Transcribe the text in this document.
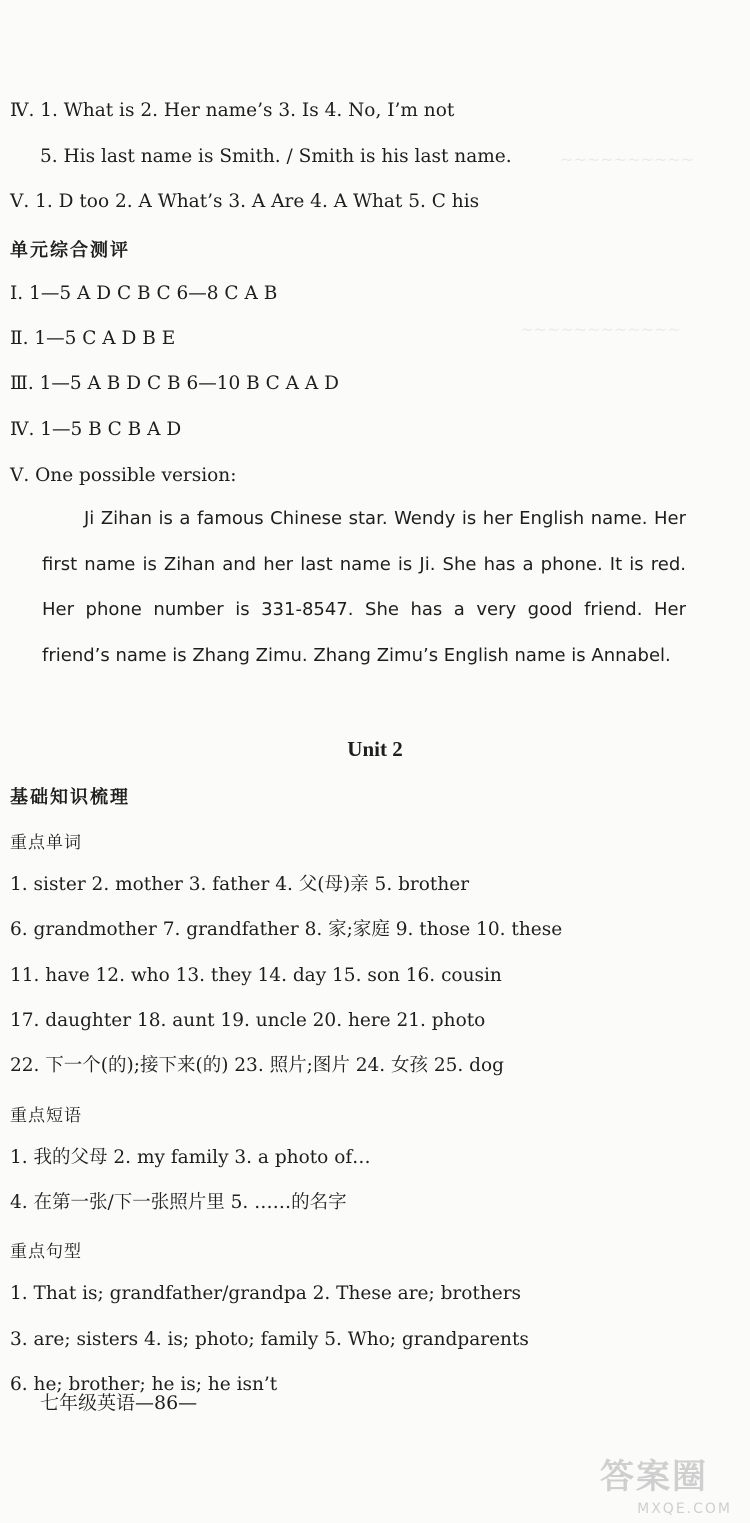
~~~~~~~~~~
~~~~~~~~~~~~
Ⅳ. 1. What is 2. Her name’s 3. Is 4. No, I’m not
5. His last name is Smith. / Smith is his last name.
Ⅴ. 1. D too 2. A What’s 3. A Are 4. A What 5. C his
单元综合测评
Ⅰ. 1—5 A D C B C 6—8 C A B
Ⅱ. 1—5 C A D B E
Ⅲ. 1—5 A B D C B 6—10 B C A A D
Ⅳ. 1—5 B C B A D
Ⅴ. One possible version:
Ji Zihan is a famous Chinese star. Wendy is her English name. Her first name is Zihan and her last name is Ji. She has a phone. It is red. Her phone number is 331-8547. She has a very good friend. Her friend’s name is Zhang Zimu. Zhang Zimu’s English name is Annabel.
Unit 2
基础知识梳理
重点单词
1. sister 2. mother 3. father 4. 父(母)亲 5. brother
6. grandmother 7. grandfather 8. 家;家庭 9. those 10. these
11. have 12. who 13. they 14. day 15. son 16. cousin
17. daughter 18. aunt 19. uncle 20. here 21. photo
22. 下一个(的);接下来(的) 23. 照片;图片 24. 女孩 25. dog
重点短语
1. 我的父母 2. my family 3. a photo of…
4. 在第一张/下一张照片里 5. ……的名字
重点句型
1. That is; grandfather/grandpa 2. These are; brothers
3. are; sisters 4. is; photo; family 5. Who; grandparents
6. he; brother; he is; he isn’t
七年级英语—86—
答案圈
MXQE.COM
